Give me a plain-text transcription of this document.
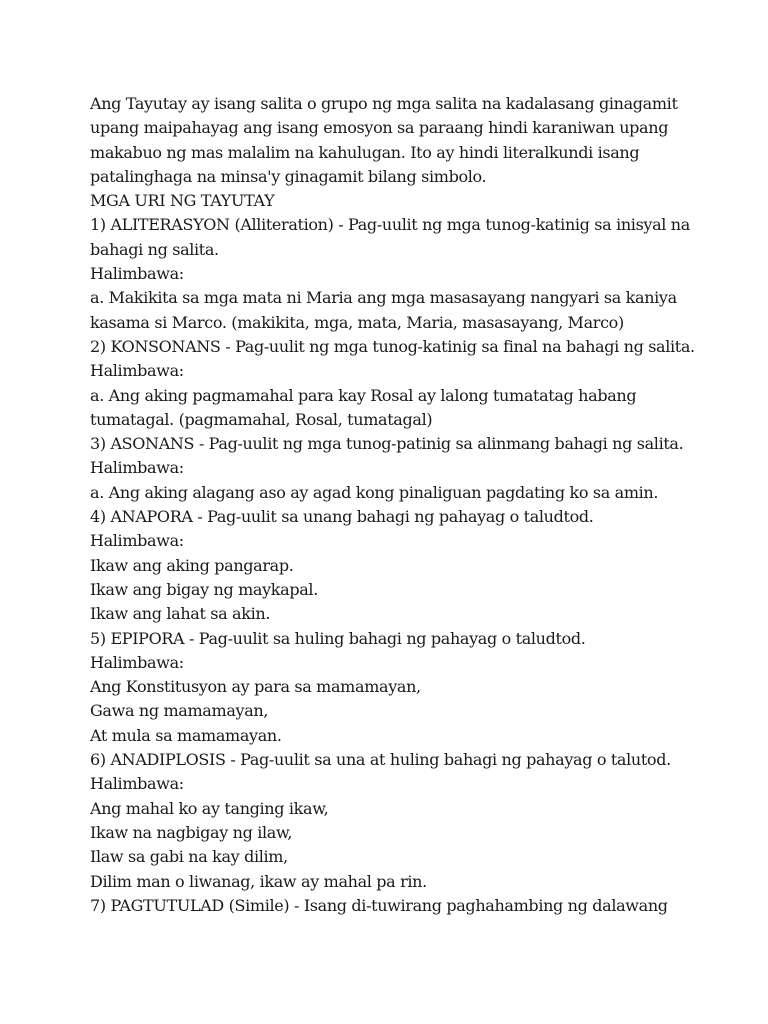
Ang Tayutay ay isang salita o grupo ng mga salita na kadalasang ginagamit
upang maipahayag ang isang emosyon sa paraang hindi karaniwan upang
makabuo ng mas malalim na kahulugan. Ito ay hindi literalkundi isang
patalinghaga na minsa'y ginagamit bilang simbolo.
MGA URI NG TAYUTAY
1) ALITERASYON (Alliteration) - Pag-uulit ng mga tunog-katinig sa inisyal na
bahagi ng salita.
Halimbawa:
a. Makikita sa mga mata ni Maria ang mga masasayang nangyari sa kaniya
kasama si Marco. (makikita, mga, mata, Maria, masasayang, Marco)
2) KONSONANS - Pag-uulit ng mga tunog-katinig sa final na bahagi ng salita.
Halimbawa:
a. Ang aking pagmamahal para kay Rosal ay lalong tumatatag habang
tumatagal. (pagmamahal, Rosal, tumatagal)
3) ASONANS - Pag-uulit ng mga tunog-patinig sa alinmang bahagi ng salita.
Halimbawa:
a. Ang aking alagang aso ay agad kong pinaliguan pagdating ko sa amin.
4) ANAPORA - Pag-uulit sa unang bahagi ng pahayag o taludtod.
Halimbawa:
Ikaw ang aking pangarap.
Ikaw ang bigay ng maykapal.
Ikaw ang lahat sa akin.
5) EPIPORA - Pag-uulit sa huling bahagi ng pahayag o taludtod.
Halimbawa:
Ang Konstitusyon ay para sa mamamayan,
Gawa ng mamamayan,
At mula sa mamamayan.
6) ANADIPLOSIS - Pag-uulit sa una at huling bahagi ng pahayag o talutod.
Halimbawa:
Ang mahal ko ay tanging ikaw,
Ikaw na nagbigay ng ilaw,
Ilaw sa gabi na kay dilim,
Dilim man o liwanag, ikaw ay mahal pa rin.
7) PAGTUTULAD (Simile) - Isang di-tuwirang paghahambing ng dalawang
